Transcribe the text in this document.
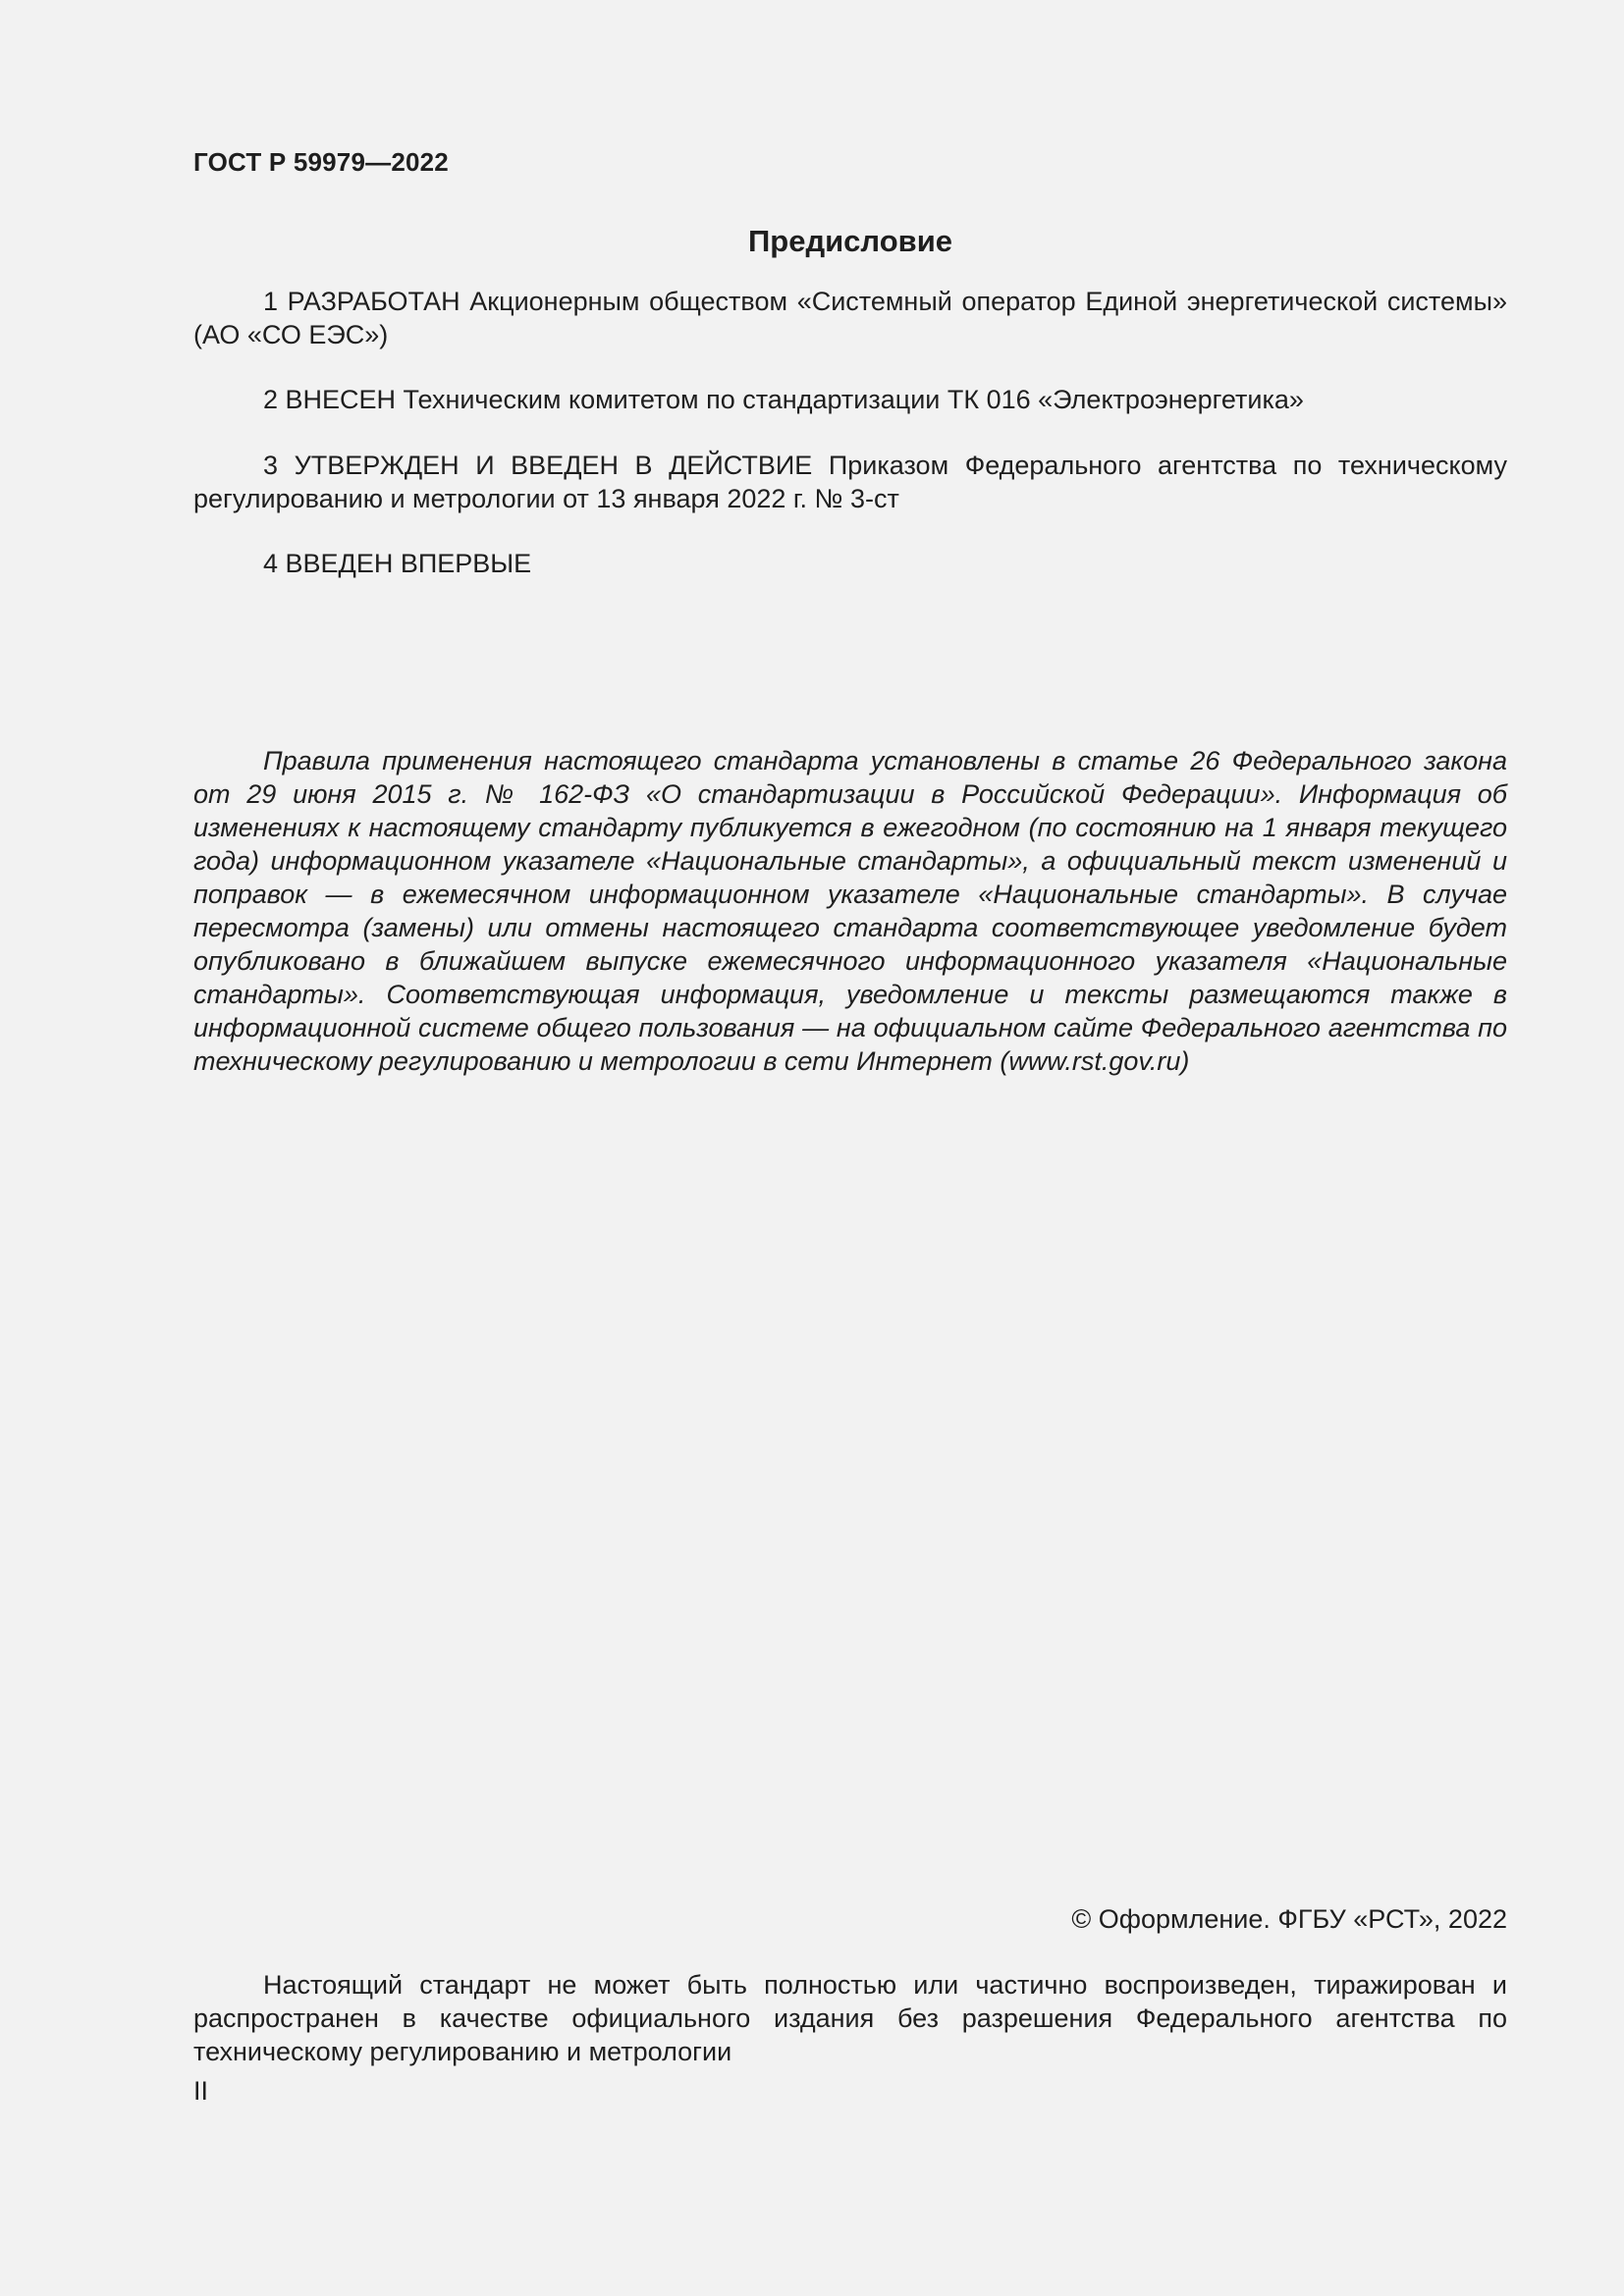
ГОСТ Р 59979—2022
Предисловие

1 РАЗРАБОТАН Акционерным обществом «Системный оператор Единой энергетической системы» (АО «СО ЕЭС»)

2 ВНЕСЕН Техническим комитетом по стандартизации ТК 016 «Электроэнергетика»

3 УТВЕРЖДЕН И ВВЕДЕН В ДЕЙСТВИЕ Приказом Федерального агентства по техническому регулированию и метрологии от 13 января 2022 г. № 3-ст

4 ВВЕДЕН ВПЕРВЫЕ

Правила применения настоящего стандарта установлены в статье 26 Федерального закона от 29 июня 2015 г. № 162-ФЗ «О стандартизации в Российской Федерации». Информация об изменениях к настоящему стандарту публикуется в ежегодном (по состоянию на 1 января текущего года) информационном указателе «Национальные стандарты», а официальный текст изменений и поправок — в ежемесячном информационном указателе «Национальные стандарты». В случае пересмотра (замены) или отмены настоящего стандарта соответствующее уведомление будет опубликовано в ближайшем выпуске ежемесячного информационного указателя «Национальные стандарты». Соответствующая информация, уведомление и тексты размещаются также в информационной системе общего пользования — на официальном сайте Федерального агентства по техническому регулированию и метрологии в сети Интернет (www.rst.gov.ru)

© Оформление. ФГБУ «РСТ», 2022

Настоящий стандарт не может быть полностью или частично воспроизведен, тиражирован и распространен в качестве официального издания без разрешения Федерального агентства по техническому регулированию и метрологии

II
